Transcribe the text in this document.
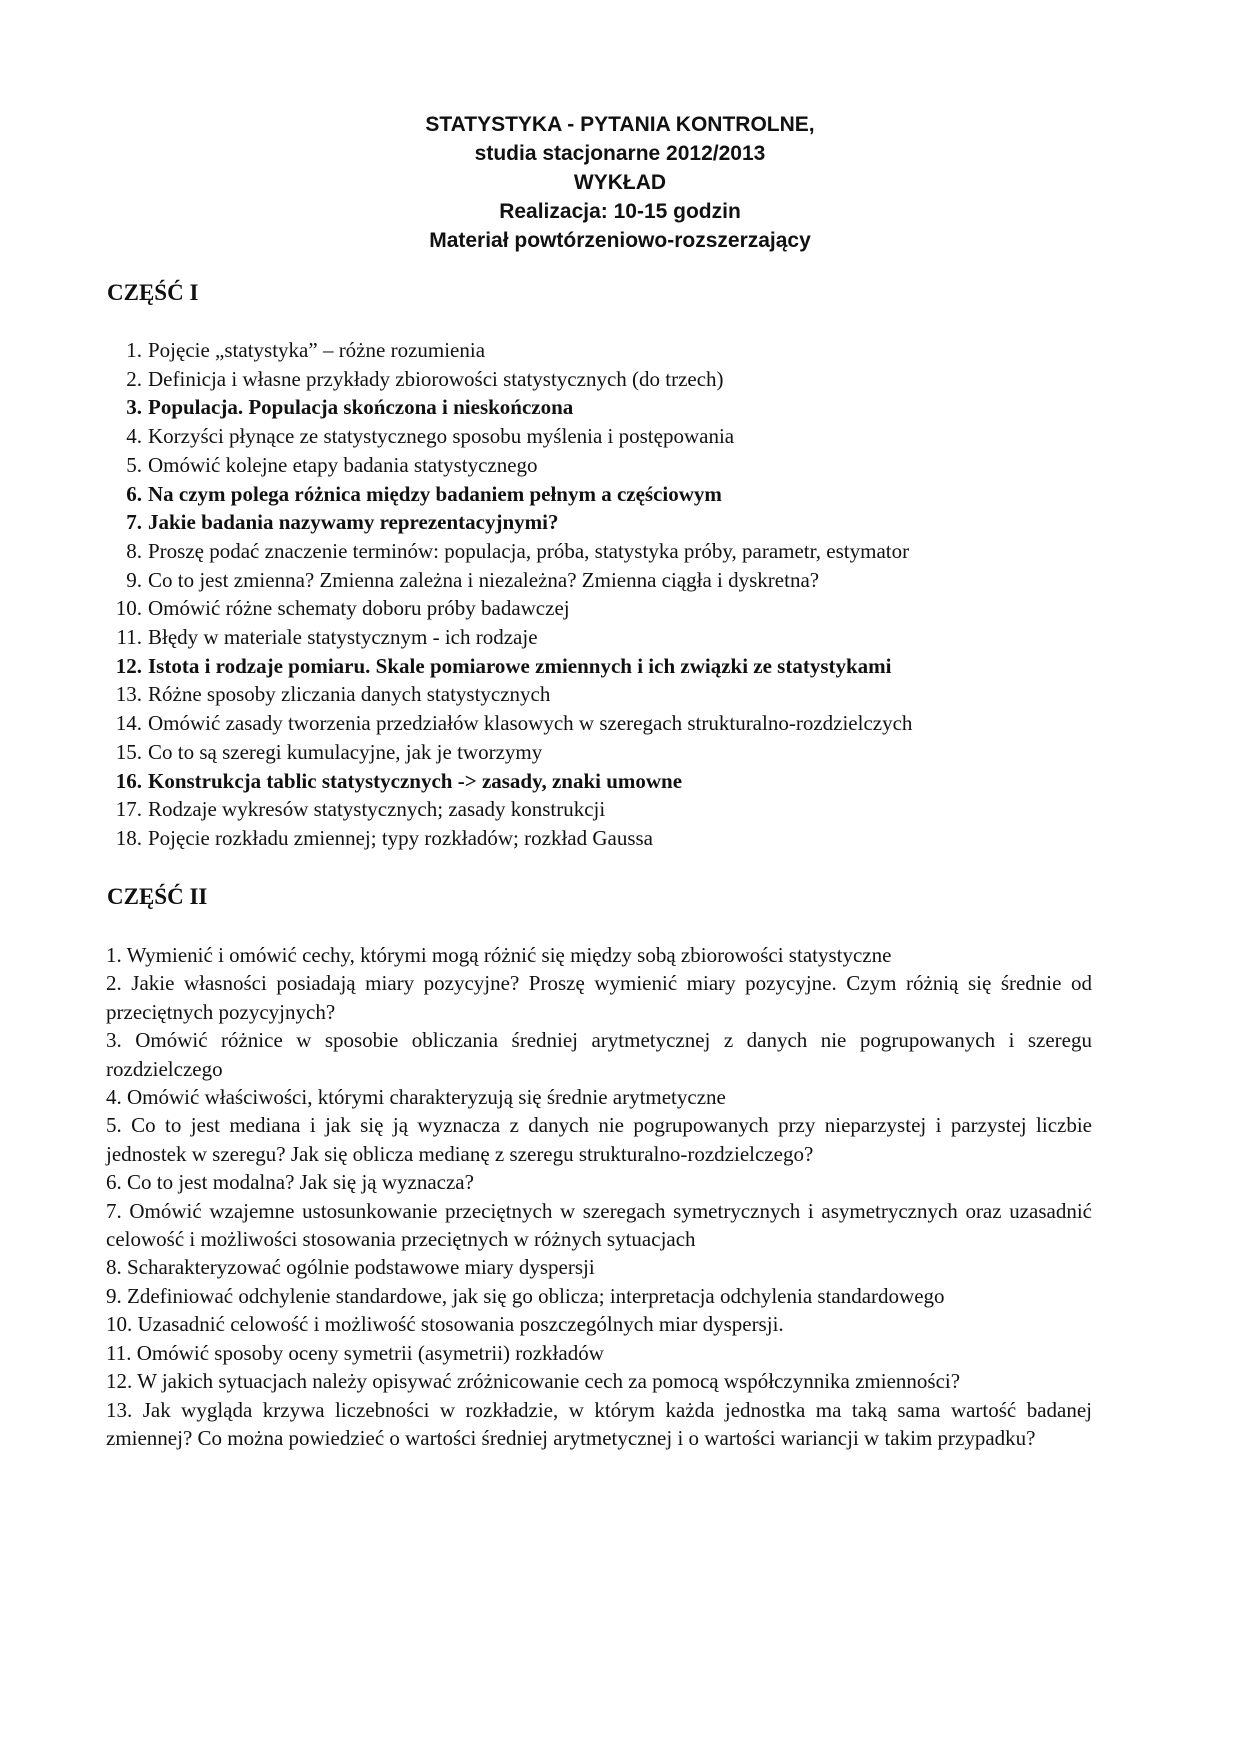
STATYSTYKA - PYTANIA KONTROLNE,
studia stacjonarne 2012/2013
WYKŁAD
Realizacja: 10-15 godzin
Materiał powtórzeniowo-rozszerzający
CZĘŚĆ I
1. Pojęcie „statystyka” – różne rozumienia
2. Definicja i własne przykłady zbiorowości statystycznych (do trzech)
3. Populacja. Populacja skończona i nieskończona
4. Korzyści płynące ze statystycznego sposobu myślenia i postępowania
5. Omówić kolejne etapy badania statystycznego
6. Na czym polega różnica między badaniem pełnym a częściowym
7. Jakie badania nazywamy reprezentacyjnymi?
8. Proszę podać znaczenie terminów: populacja, próba, statystyka próby, parametr, estymator
9. Co to jest zmienna? Zmienna zależna i niezależna? Zmienna ciągła i dyskretna?
10. Omówić różne schematy doboru próby badawczej
11. Błędy w materiale statystycznym - ich rodzaje
12. Istota i rodzaje pomiaru. Skale pomiarowe zmiennych i ich związki ze statystykami
13. Różne sposoby zliczania danych statystycznych
14. Omówić zasady tworzenia przedziałów klasowych w szeregach strukturalno-rozdzielczych
15. Co to są szeregi kumulacyjne, jak je tworzymy
16. Konstrukcja tablic statystycznych -> zasady, znaki umowne
17. Rodzaje wykresów statystycznych; zasady konstrukcji
18. Pojęcie rozkładu zmiennej; typy rozkładów; rozkład Gaussa
CZĘŚĆ II
1. Wymienić i omówić cechy, którymi mogą różnić się między sobą zbiorowości statystyczne
2. Jakie własności posiadają miary pozycyjne? Proszę wymienić miary pozycyjne. Czym różnią się średnie od przeciętnych pozycyjnych?
3. Omówić różnice w sposobie obliczania średniej arytmetycznej z danych nie pogrupowanych i szeregu rozdzielczego
4. Omówić właściwości, którymi charakteryzują się średnie arytmetyczne
5. Co to jest mediana i jak się ją wyznacza z danych nie pogrupowanych przy nieparzystej i parzystej liczbie jednostek w szeregu? Jak się oblicza medianę z szeregu strukturalno-rozdzielczego?
6. Co to jest modalna? Jak się ją wyznacza?
7. Omówić wzajemne ustosunkowanie przeciętnych w szeregach symetrycznych i asymetrycznych oraz uzasadnić celowość i możliwości stosowania przeciętnych w różnych sytuacjach
8. Scharakteryzować ogólnie podstawowe miary dyspersji
9. Zdefiniować odchylenie standardowe, jak się go oblicza; interpretacja odchylenia standardowego
10. Uzasadnić celowość i możliwość stosowania poszczególnych miar dyspersji.
11. Omówić sposoby oceny symetrii (asymetrii) rozkładów
12. W jakich sytuacjach należy opisywać zróżnicowanie cech za pomocą współczynnika zmienności?
13. Jak wygląda krzywa liczebności w rozkładzie, w którym każda jednostka ma taką sama wartość badanej zmiennej? Co można powiedzieć o wartości średniej arytmetycznej i o wartości wariancji w takim przypadku?
